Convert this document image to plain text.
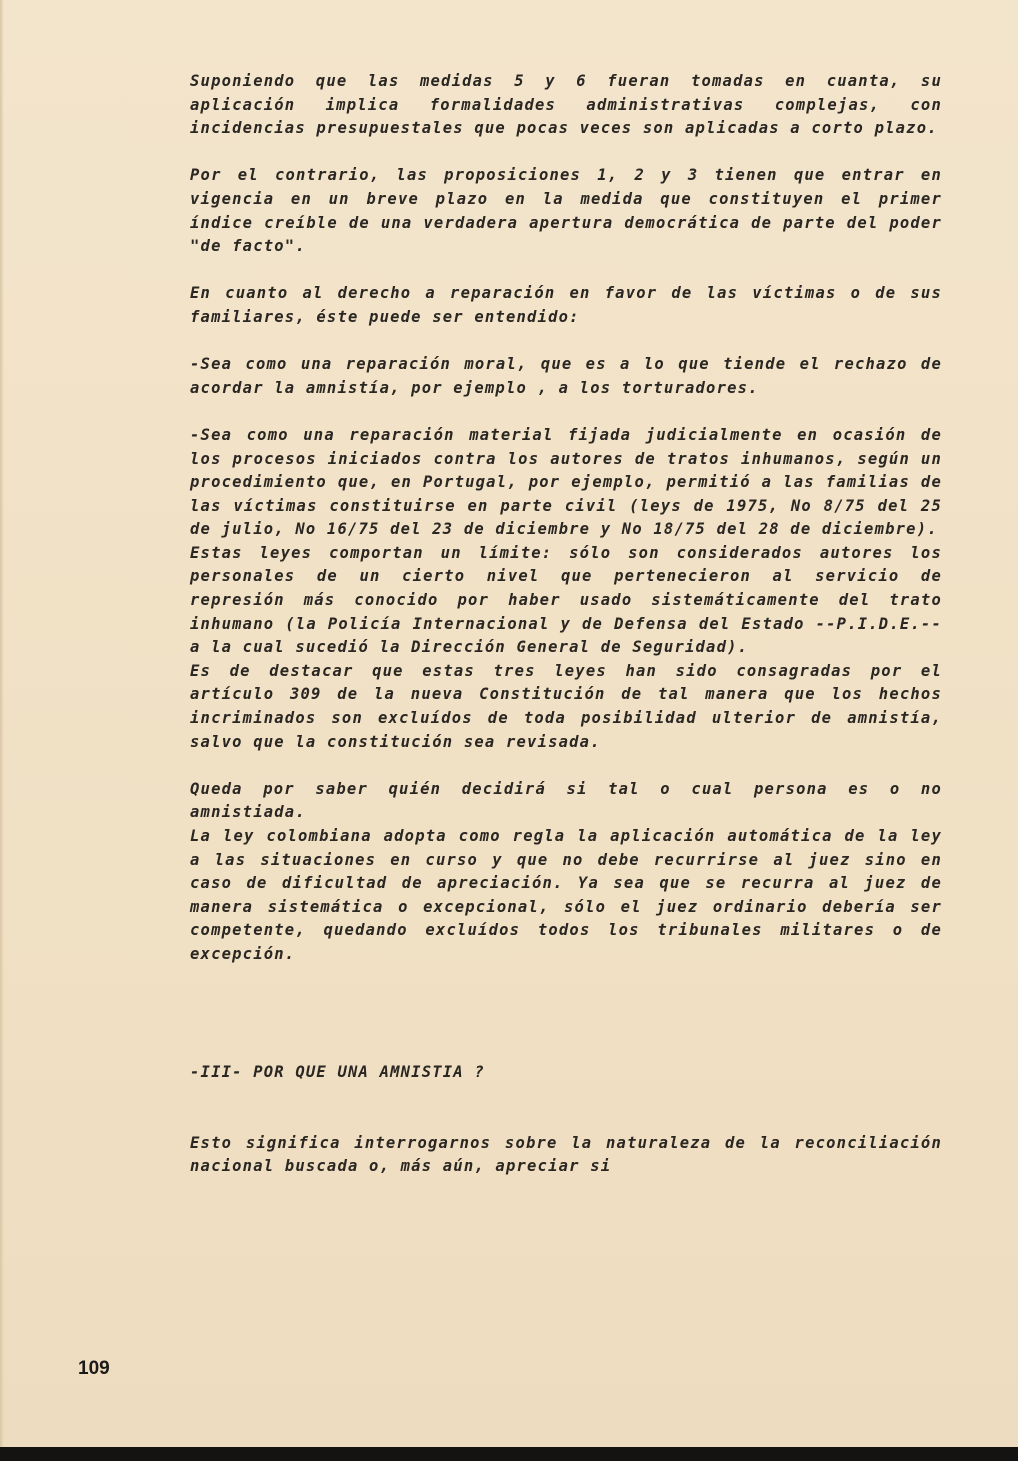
Suponiendo que las medidas 5 y 6 fueran tomadas en cuanta, su aplicación implica formalidades administrativas complejas, con incidencias presupuestales que pocas veces son aplicadas a corto plazo.

Por el contrario, las proposiciones 1, 2 y 3 tienen que entrar en vigencia en un breve plazo en la medida que constituyen el primer índice creíble de una verdadera apertura democrática de parte del poder "de facto".

En cuanto al derecho a reparación en favor de las víctimas o de sus familiares, éste puede ser entendido:

-Sea como una reparación moral, que es a lo que tiende el rechazo de acordar la amnistía, por ejemplo , a los torturadores.

-Sea como una reparación material fijada judicialmente en ocasión de los procesos iniciados contra los autores de tratos inhumanos, según un procedimiento que, en Portugal, por ejemplo, permitió a las familias de las víctimas constituirse en parte civil (leys de 1975, No 8/75 del 25 de julio, No 16/75 del 23 de diciembre y No 18/75 del 28 de diciembre).

Estas leyes comportan un límite: sólo son considerados autores los personales de un cierto nivel que pertenecieron al servicio de represión más conocido por haber usado sistemáticamente del trato inhumano (la Policía Internacional y de Defensa del Estado --P.I.D.E.-- a la cual sucedió la Dirección General de Seguridad).

Es de destacar que estas tres leyes han sido consagradas por el artículo 309 de la nueva Constitución de tal manera que los hechos incriminados son excluídos de toda posibilidad ulterior de amnistía, salvo que la constitución sea revisada.

Queda por saber quién decidirá si tal o cual persona es o no amnistiada.

La ley colombiana adopta como regla la aplicación automática de la ley a las situaciones en curso y que no debe recurrirse al juez sino en caso de dificultad de apreciación. Ya sea que se recurra al juez de manera sistemática o excepcional, sólo el juez ordinario debería ser competente, quedando excluídos todos los tribunales militares o de excepción.

-III- POR QUE UNA AMNISTIA ?

Esto significa interrogarnos sobre la naturaleza de la reconciliación nacional buscada o, más aún, apreciar si

109
